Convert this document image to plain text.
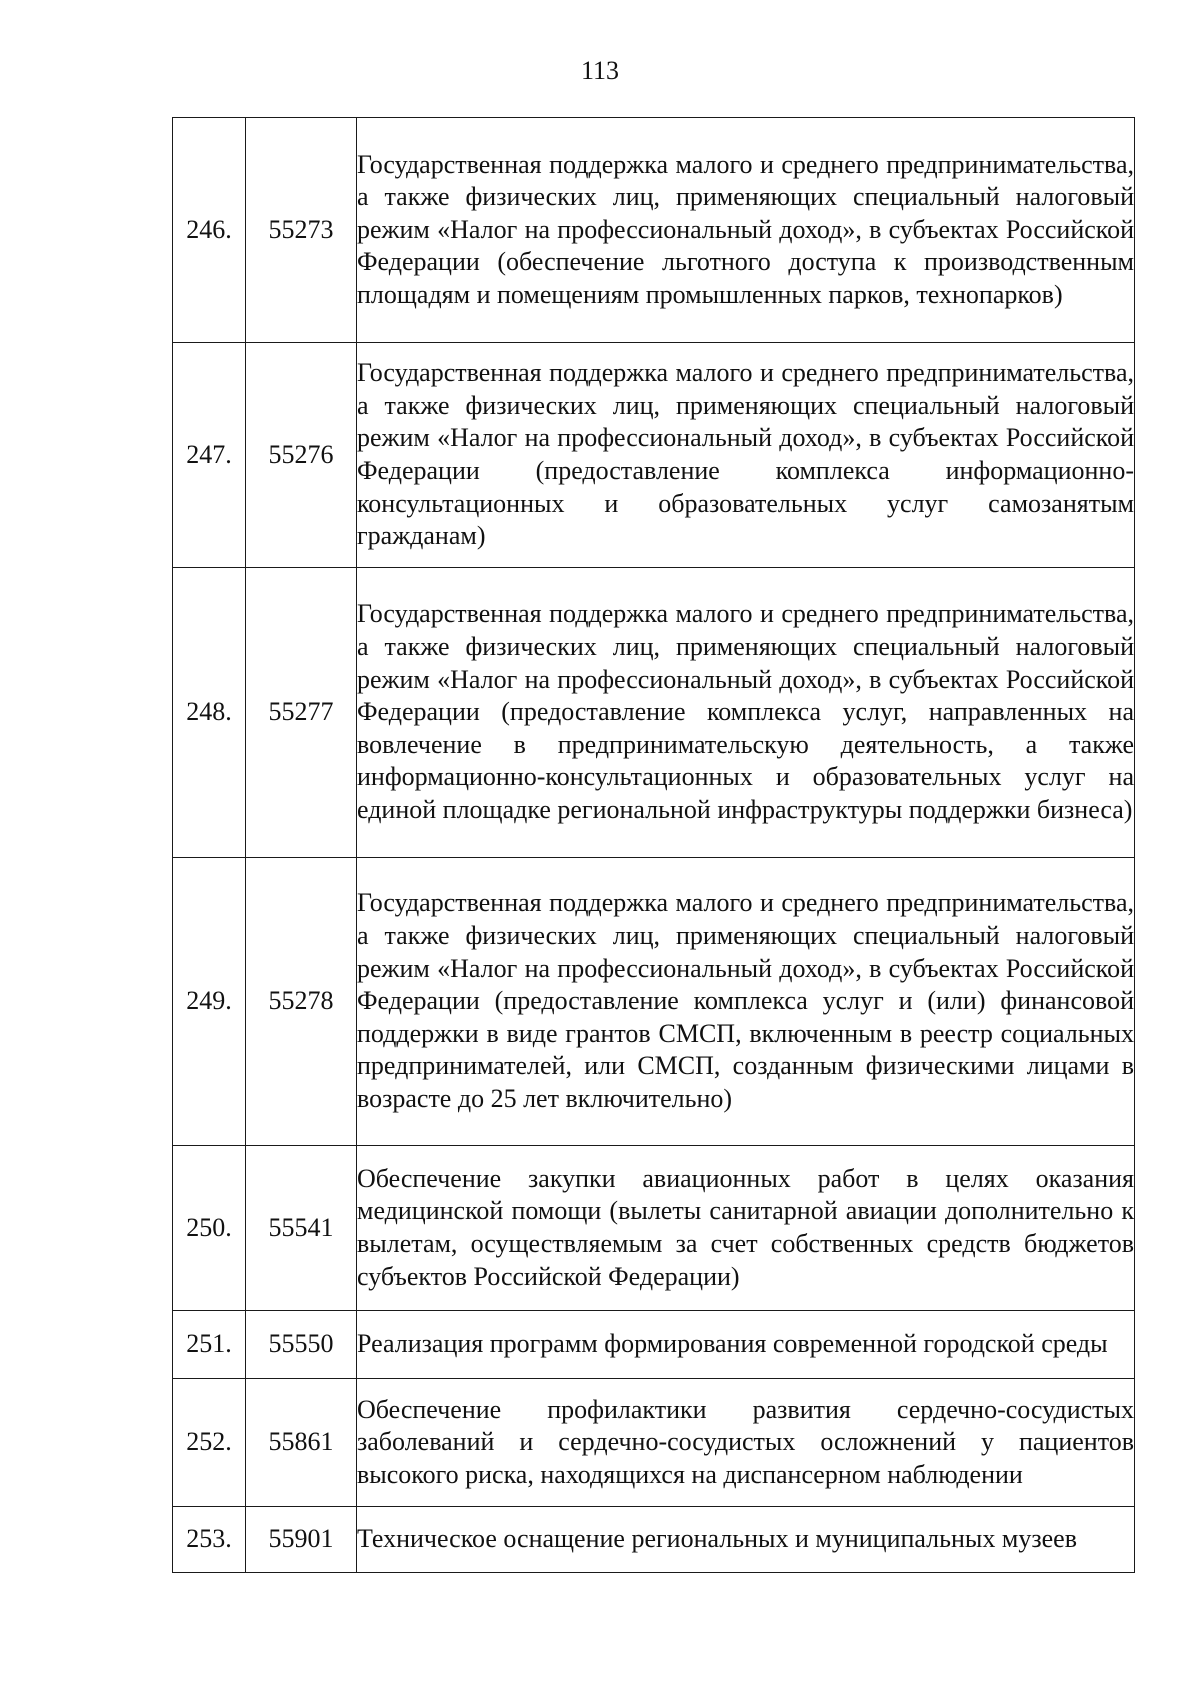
113
246.	55273	Государственная поддержка малого и среднего предпринимательства, а также физических лиц, применяющих специальный налоговый режим «Налог на профессиональный доход», в субъектах Российской Федерации (обеспечение льготного доступа к производственным площадям и помещениям промышленных парков, технопарков)
247.	55276	Государственная поддержка малого и среднего предпринимательства, а также физических лиц, применяющих специальный налоговый режим «Налог на профессиональный доход», в субъектах Российской Федерации (предоставление комплекса информационно-консультационных и образовательных услуг самозанятым гражданам)
248.	55277	Государственная поддержка малого и среднего предпринимательства, а также физических лиц, применяющих специальный налоговый режим «Налог на профессиональный доход», в субъектах Российской Федерации (предоставление комплекса услуг, направленных на вовлечение в предпринимательскую деятельность, а также информационно-консультационных и образовательных услуг на единой площадке региональной инфраструктуры поддержки бизнеса)
249.	55278	Государственная поддержка малого и среднего предпринимательства, а также физических лиц, применяющих специальный налоговый режим «Налог на профессиональный доход», в субъектах Российской Федерации (предоставление комплекса услуг и (или) финансовой поддержки в виде грантов СМСП, включенным в реестр социальных предпринимателей, или СМСП, созданным физическими лицами в возрасте до 25 лет включительно)
250.	55541	Обеспечение закупки авиационных работ в целях оказания медицинской помощи (вылеты санитарной авиации дополнительно к вылетам, осуществляемым за счет собственных средств бюджетов субъектов Российской Федерации)
251.	55550	Реализация программ формирования современной городской среды
252.	55861	Обеспечение профилактики развития сердечно-сосудистых заболеваний и сердечно-сосудистых осложнений у пациентов высокого риска, находящихся на диспансерном наблюдении
253.	55901	Техническое оснащение региональных и муниципальных музеев
